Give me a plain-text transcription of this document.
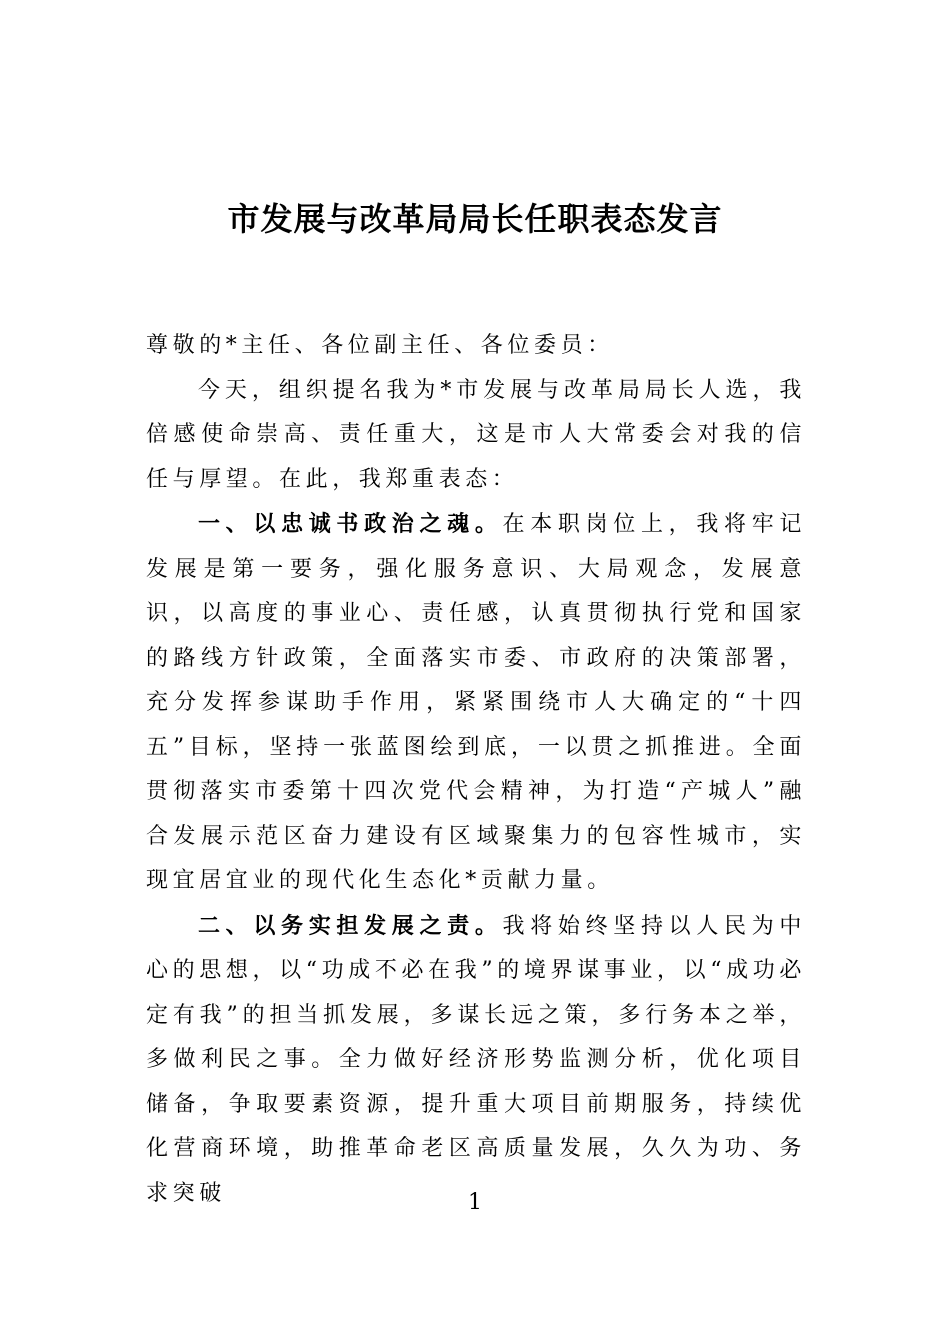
市发展与改革局局长任职表态发言

尊敬的*主任、各位副主任、各位委员：

今天，组织提名我为*市发展与改革局局长人选，我倍感使命崇高、责任重大，这是市人大常委会对我的信任与厚望。在此，我郑重表态：

一、以忠诚书政治之魂。在本职岗位上，我将牢记发展是第一要务，强化服务意识、大局观念，发展意识，以高度的事业心、责任感，认真贯彻执行党和国家的路线方针政策，全面落实市委、市政府的决策部署，充分发挥参谋助手作用，紧紧围绕市人大确定的“十四五”目标，坚持一张蓝图绘到底，一以贯之抓推进。全面贯彻落实市委第十四次党代会精神，为打造“产城人”融合发展示范区奋力建设有区域聚集力的包容性城市，实现宜居宜业的现代化生态化*贡献力量。

二、以务实担发展之责。我将始终坚持以人民为中心的思想，以“功成不必在我”的境界谋事业，以“成功必定有我”的担当抓发展，多谋长远之策，多行务本之举，多做利民之事。全力做好经济形势监测分析，优化项目储备，争取要素资源，提升重大项目前期服务，持续优化营商环境，助推革命老区高质量发展，久久为功、务求突破	1
